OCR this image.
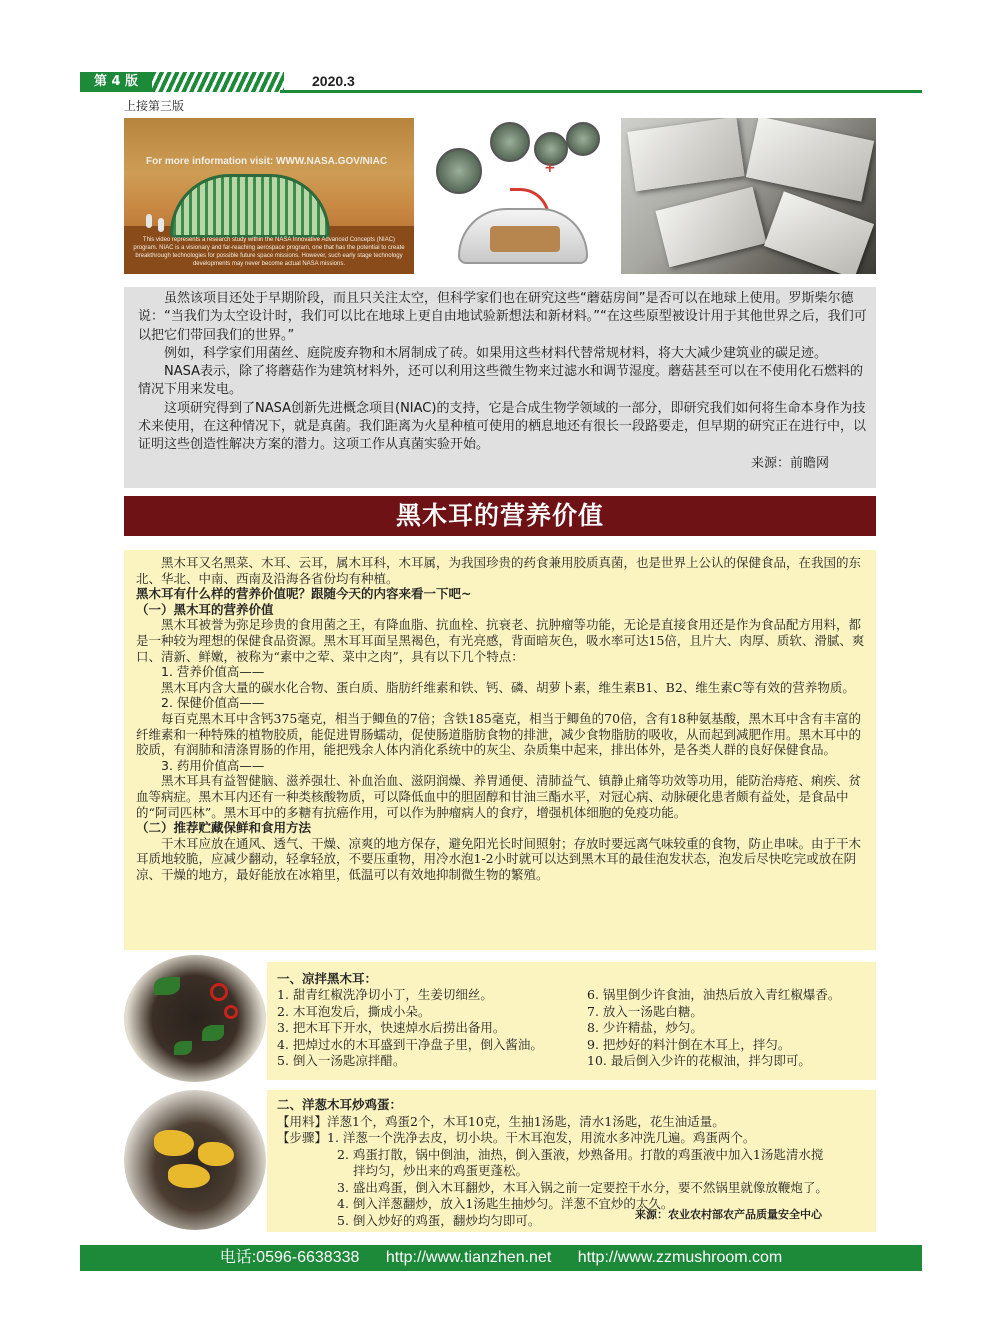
第 4 版	2020.3
上接第三版
For more information visit: WWW.NASA.GOV/NIAC
This video represents a research study within the NASA Innovative Advanced Concepts (NIAC) program. NIAC is a visionary and far-reaching aerospace program, one that has the potential to create breakthrough technologies for possible future space missions. However, such early stage technology developments may never become actual NASA missions.
+

虽然该项目还处于早期阶段，而且只关注太空，但科学家们也在研究这些“蘑菇房间”是否可以在地球上使用。罗斯柴尔德说：“当我们为太空设计时，我们可以比在地球上更自由地试验新想法和新材料。”“在这些原型被设计用于其他世界之后，我们可以把它们带回我们的世界。”

例如，科学家们用菌丝、庭院废弃物和木屑制成了砖。如果用这些材料代替常规材料，将大大减少建筑业的碳足迹。

NASA表示，除了将蘑菇作为建筑材料外，还可以利用这些微生物来过滤水和调节湿度。蘑菇甚至可以在不使用化石燃料的情况下用来发电。

这项研究得到了NASA创新先进概念项目(NIAC)的支持，它是合成生物学领域的一部分，即研究我们如何将生命本身作为技术来使用，在这种情况下，就是真菌。我们距离为火星种植可使用的栖息地还有很长一段路要走，但早期的研究正在进行中，以证明这些创造性解决方案的潜力。这项工作从真菌实验开始。

来源：前瞻网
黑木耳的营养价值

黑木耳又名黑菜、木耳、云耳，属木耳科，木耳属，为我国珍贵的药食兼用胶质真菌，也是世界上公认的保健食品，在我国的东北、华北、中南、西南及沿海各省份均有种植。

黑木耳有什么样的营养价值呢？跟随今天的内容来看一下吧~

（一）黑木耳的营养价值

黑木耳被誉为弥足珍贵的食用菌之王，有降血脂、抗血栓、抗衰老、抗肿瘤等功能，无论是直接食用还是作为食品配方用料，都是一种较为理想的保健食品资源。黑木耳耳面呈黑褐色，有光亮感，背面暗灰色，吸水率可达15倍，且片大、肉厚、质软、滑腻、爽口、清新、鲜嫩，被称为“素中之荤、菜中之肉”，具有以下几个特点：

1. 营养价值高——

黑木耳内含大量的碳水化合物、蛋白质、脂肪纤维素和铁、钙、磷、胡萝卜素，维生素B1、B2、维生素C等有效的营养物质。

2. 保健价值高——

每百克黑木耳中含钙375毫克，相当于鲫鱼的7倍；含铁185毫克，相当于鲫鱼的70倍，含有18种氨基酸，黑木耳中含有丰富的纤维素和一种特殊的植物胶质，能促进胃肠蠕动，促使肠道脂肪食物的排泄，减少食物脂肪的吸收，从而起到减肥作用。黑木耳中的胶质，有润肺和清涤胃肠的作用，能把残余人体内消化系统中的灰尘、杂质集中起来，排出体外，是各类人群的良好保健食品。

3. 药用价值高——

黑木耳具有益智健脑、滋养强壮、补血治血、滋阴润燥、养胃通便、清肺益气、镇静止痛等功效等功用，能防治痔疮、痢疾、贫血等病症。黑木耳内还有一种类核酸物质，可以降低血中的胆固醇和甘油三酯水平，对冠心病、动脉硬化患者颇有益处，是食品中的“阿司匹林”。黑木耳中的多糖有抗癌作用，可以作为肿瘤病人的食疗，增强机体细胞的免疫功能。

（二）推荐贮藏保鲜和食用方法

干木耳应放在通风、透气、干燥、凉爽的地方保存，避免阳光长时间照射；存放时要远离气味较重的食物，防止串味。由于干木耳质地较脆，应减少翻动，轻拿轻放，不要压重物，用冷水泡1-2小时就可以达到黑木耳的最佳泡发状态，泡发后尽快吃完或放在阴凉、干燥的地方，最好能放在冰箱里，低温可以有效地抑制微生物的繁殖。

一、凉拌黑木耳：
1. 甜青红椒洗净切小丁，生姜切细丝。
2. 木耳泡发后，撕成小朵。
3. 把木耳下开水，快速焯水后捞出备用。
4. 把焯过水的木耳盛到干净盘子里，倒入酱油。
5. 倒入一汤匙凉拌醋。
6. 锅里倒少许食油，油热后放入青红椒爆香。
7. 放入一汤匙白糖。
8. 少许精盐，炒匀。
9. 把炒好的料汁倒在木耳上，拌匀。
10. 最后倒入少许的花椒油，拌匀即可。
二、洋葱木耳炒鸡蛋：
【用料】洋葱1个，鸡蛋2个，木耳10克，生抽1汤匙，清水1汤匙，花生油适量。
【步骤】1. 洋葱一个洗净去皮，切小块。干木耳泡发，用流水多冲洗几遍。鸡蛋两个。
2. 鸡蛋打散，锅中倒油，油热，倒入蛋液，炒熟备用。打散的鸡蛋液中加入1汤匙清水搅
拌均匀，炒出来的鸡蛋更蓬松。
3. 盛出鸡蛋，倒入木耳翻炒，木耳入锅之前一定要控干水分，要不然锅里就像放鞭炮了。
4. 倒入洋葱翻炒，放入1汤匙生抽炒匀。洋葱不宜炒的太久。
5. 倒入炒好的鸡蛋，翻炒均匀即可。	来源：农业农村部农产品质量安全中心
电话:0596-6638338 http://www.tianzhen.net http://www.zzmushroom.com
